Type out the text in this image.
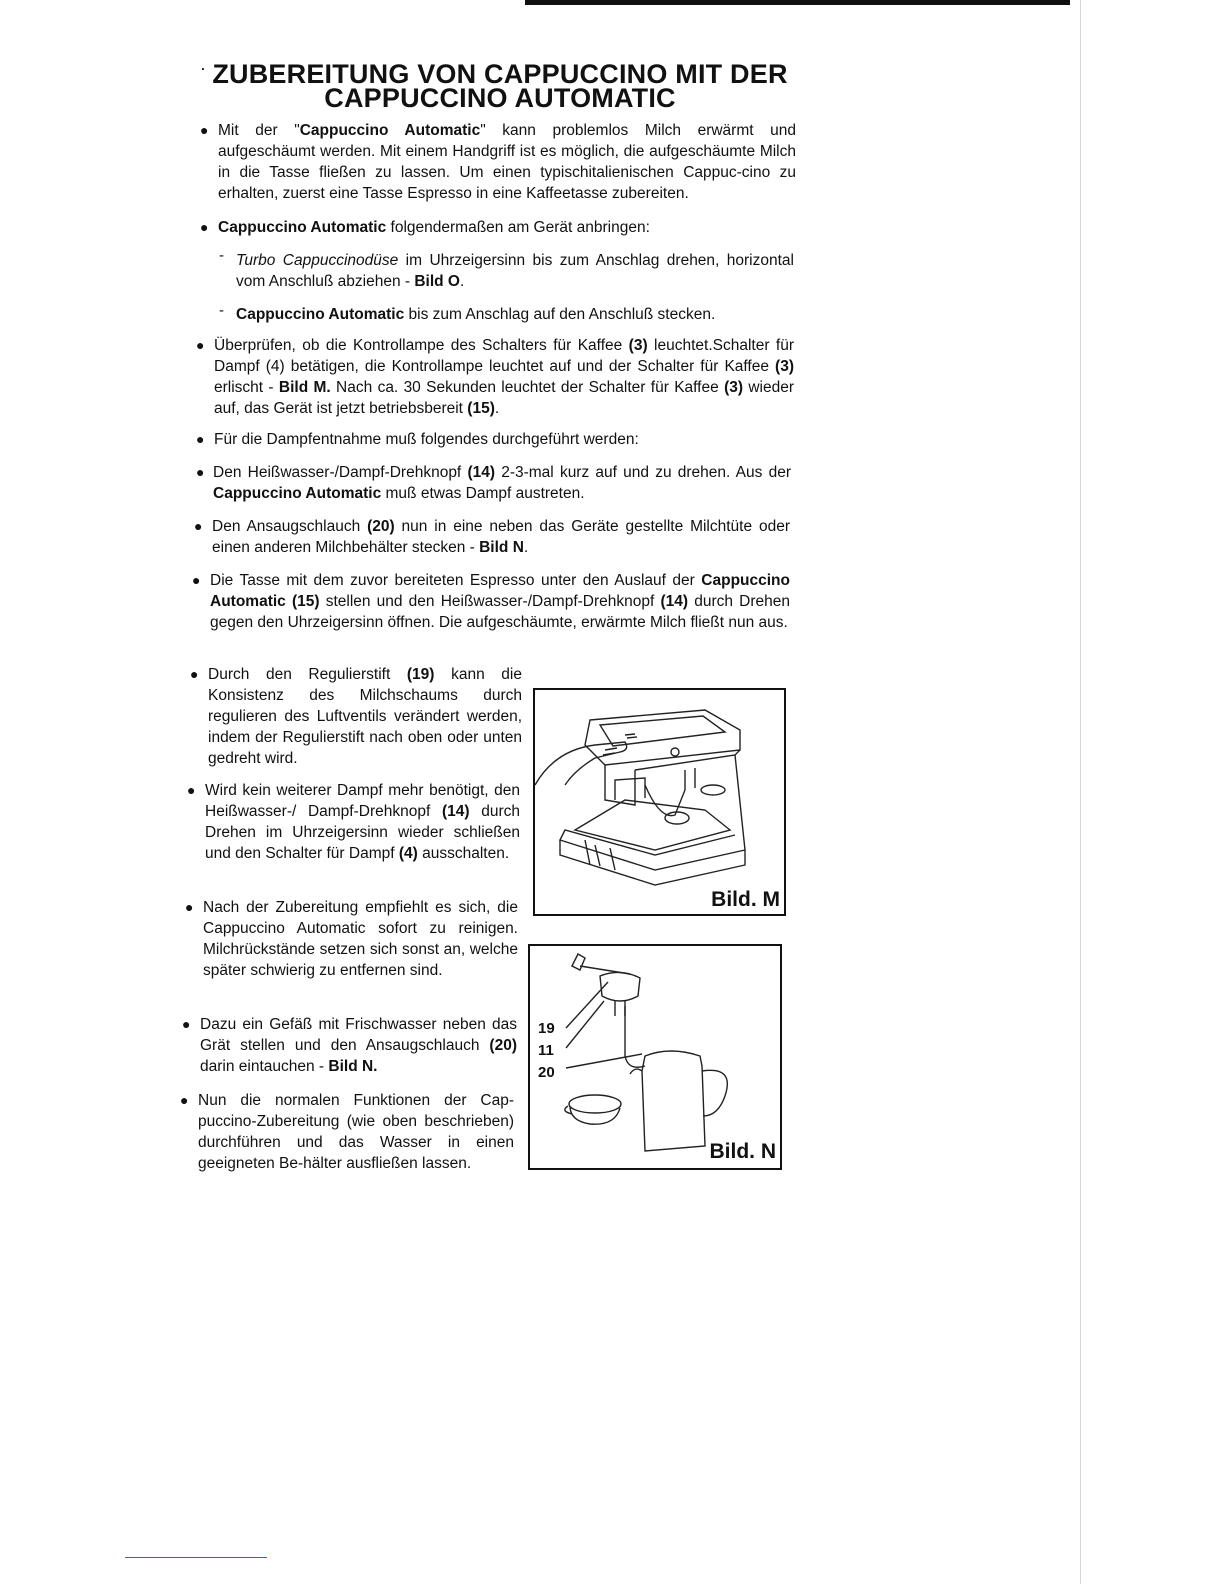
· ZUBEREITUNG VON CAPPUCCINO MIT DER
CAPPUCCINO AUTOMATIC
● Mit der "Cappuccino Automatic" kann problemlos Milch erwärmt und aufgeschäumt werden. Mit einem Handgriff ist es möglich, die aufgeschäumte Milch in die Tasse fließen zu lassen. Um einen typischitalienischen Cappuc-cino zu erhalten, zuerst eine Tasse Espresso in eine Kaffeetasse zubereiten.
● Cappuccino Automatic folgendermaßen am Gerät anbringen:
- Turbo Cappuccinodüse im Uhrzeigersinn bis zum Anschlag drehen, horizontal vom Anschluß abziehen - Bild O.
- Cappuccino Automatic bis zum Anschlag auf den Anschluß stecken.
● Überprüfen, ob die Kontrollampe des Schalters für Kaffee (3) leuchtet.Schalter für Dampf (4) betätigen, die Kontrollampe leuchtet auf und der Schalter für Kaffee (3) erlischt - Bild M. Nach ca. 30 Sekunden leuchtet der Schalter für Kaffee (3) wieder auf, das Gerät ist jetzt betriebsbereit (15).
● Für die Dampfentnahme muß folgendes durchgeführt werden:
● Den Heißwasser-/Dampf-Drehknopf (14) 2-3-mal kurz auf und zu drehen. Aus der Cappuccino Automatic muß etwas Dampf austreten.
● Den Ansaugschlauch (20) nun in eine neben das Geräte gestellte Milchtüte oder einen anderen Milchbehälter stecken - Bild N.
● Die Tasse mit dem zuvor bereiteten Espresso unter den Auslauf der Cappuccino Automatic (15) stellen und den Heißwasser-/Dampf-Drehknopf (14) durch Drehen gegen den Uhrzeigersinn öffnen. Die aufgeschäumte, erwärmte Milch fließt nun aus.
● Durch den Regulierstift (19) kann die Konsistenz des Milchschaums durch regulieren des Luftventils verändert werden, indem der Regulierstift nach oben oder unten gedreht wird.
● Wird kein weiterer Dampf mehr benötigt, den Heißwasser-/ Dampf-Drehknopf (14) durch Drehen im Uhrzeigersinn wieder schließen und den Schalter für Dampf (4) ausschalten.
● Nach der Zubereitung empfiehlt es sich, die Cappuccino Automatic sofort zu reinigen. Milchrückstände setzen sich sonst an, welche später schwierig zu entfernen sind.
● Dazu ein Gefäß mit Frischwasser neben das Grät stellen und den Ansaugschlauch (20) darin eintauchen - Bild N.
● Nun die normalen Funktionen der Cap-puccino-Zubereitung (wie oben beschrieben) durchführen und das Wasser in einen geeigneten Be-hälter ausfließen lassen.
Bild. M
19
11
20
Bild. N
